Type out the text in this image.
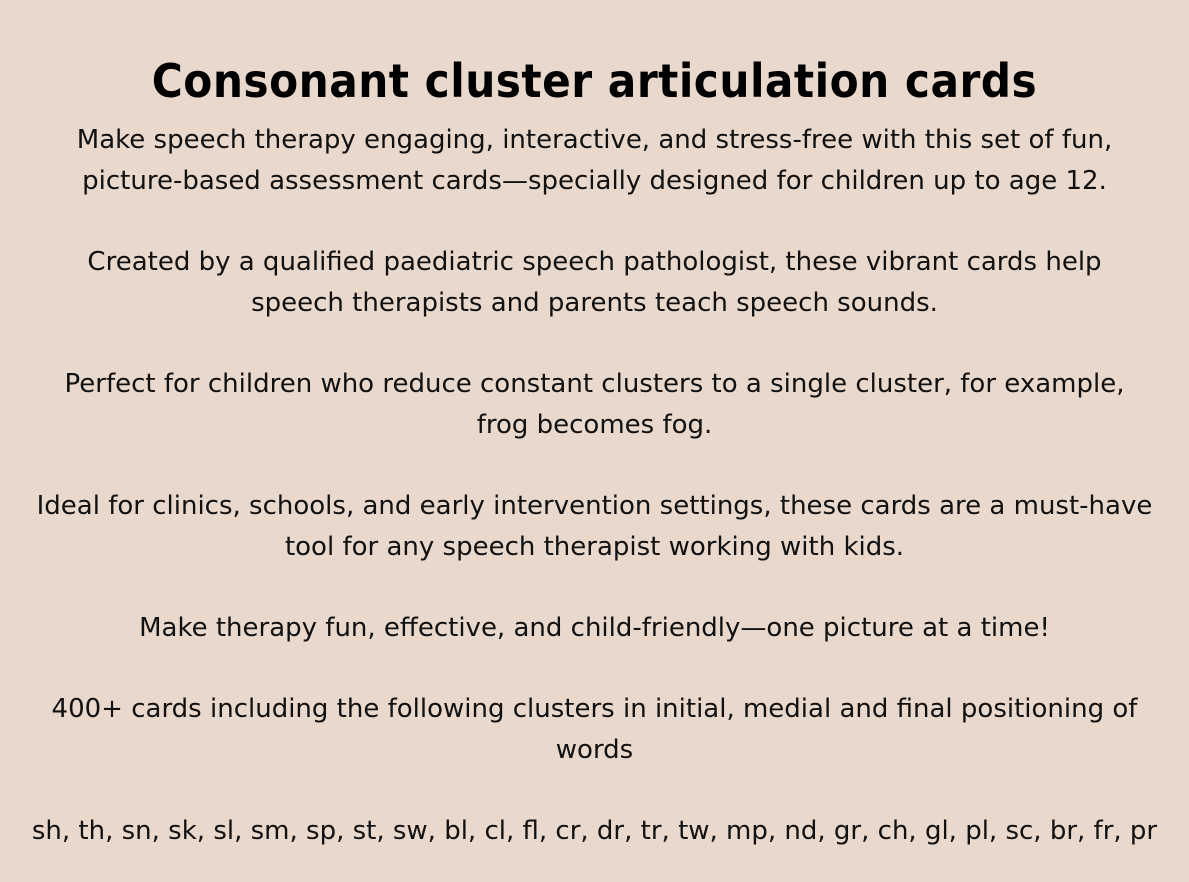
Consonant cluster articulation cards

Make speech therapy engaging, interactive, and stress-free with this set of fun,
picture-based assessment cards—specially designed for children up to age 12.

Created by a qualified paediatric speech pathologist, these vibrant cards help
speech therapists and parents teach speech sounds.

Perfect for children who reduce constant clusters to a single cluster, for example,
frog becomes fog.

Ideal for clinics, schools, and early intervention settings, these cards are a must-have
tool for any speech therapist working with kids.

Make therapy fun, effective, and child-friendly—one picture at a time!

400+ cards including the following clusters in initial, medial and final positioning of
words

sh, th, sn, sk, sl, sm, sp, st, sw, bl, cl, fl, cr, dr, tr, tw, mp, nd, gr, ch, gl, pl, sc, br, fr, pr
